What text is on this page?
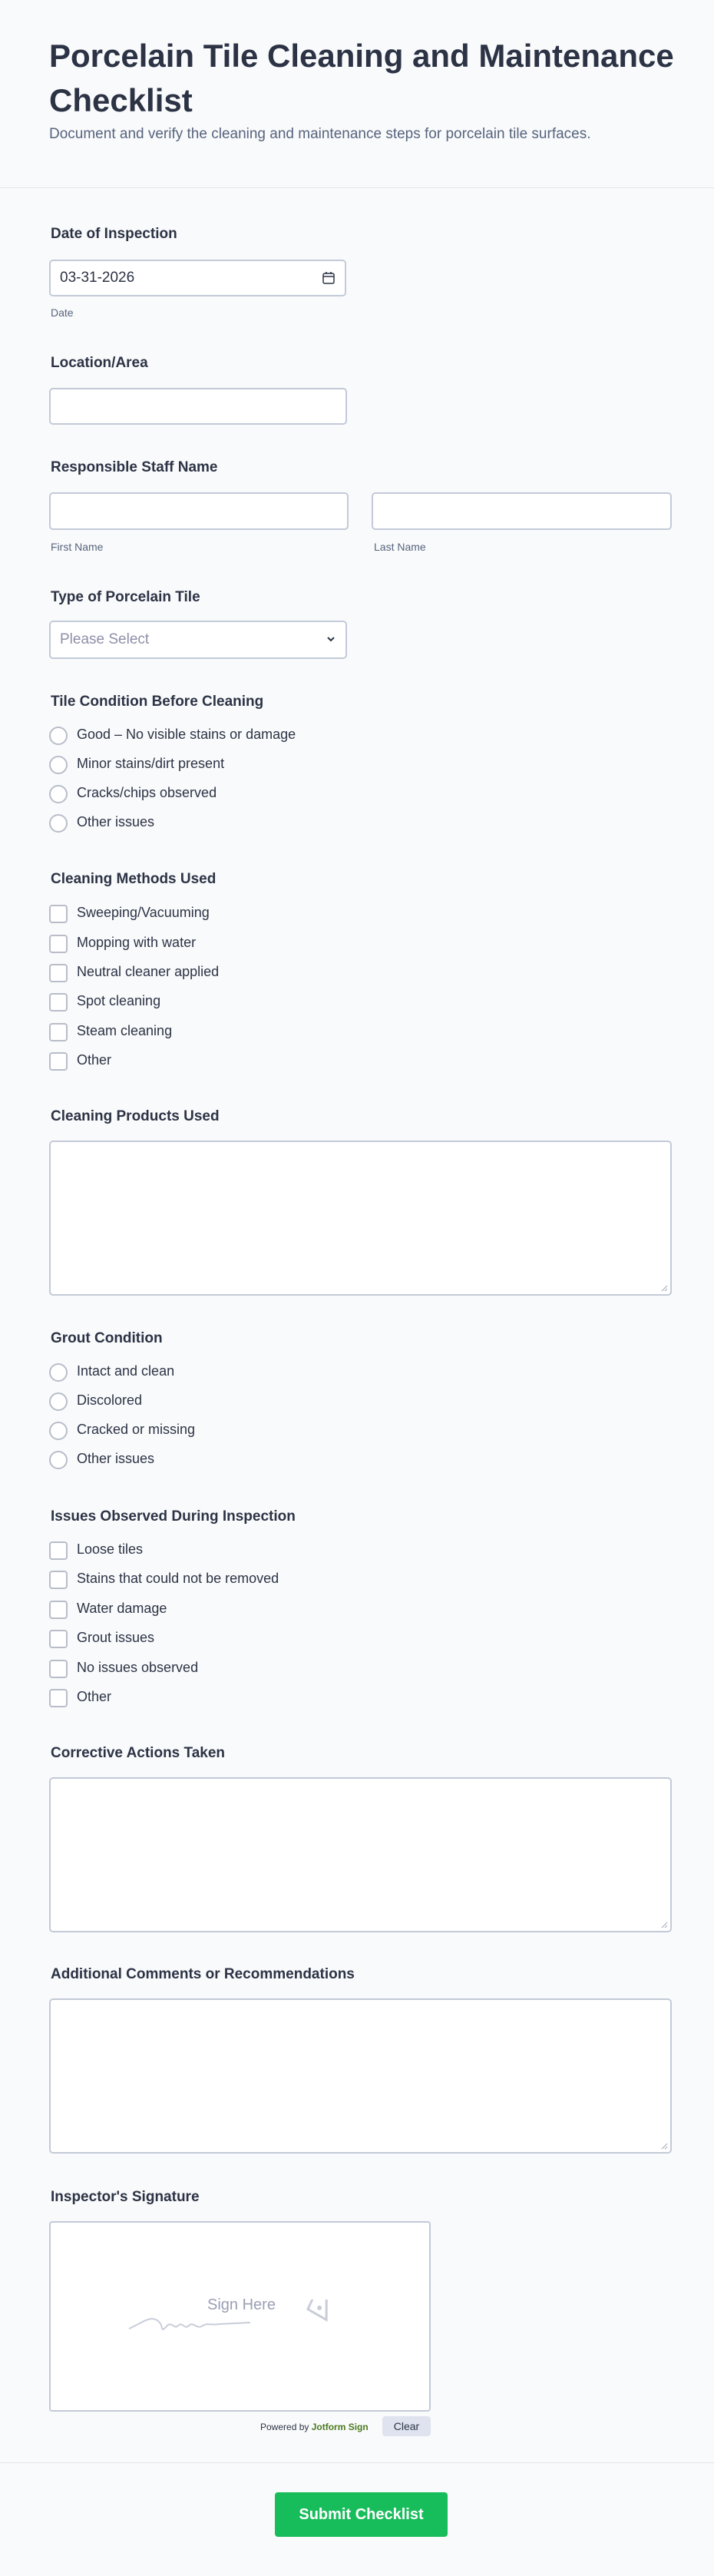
Porcelain Tile Cleaning and Maintenance Checklist
Document and verify the cleaning and maintenance steps for porcelain tile surfaces.
Date of Inspection
03-31-2026
Date
Location/Area
Responsible Staff Name
First Name	Last Name
Type of Porcelain Tile
Please Select
Tile Condition Before Cleaning
Good – No visible stains or damage
Minor stains/dirt present
Cracks/chips observed
Other issues
Cleaning Methods Used
Sweeping/Vacuuming
Mopping with water
Neutral cleaner applied
Spot cleaning
Steam cleaning
Other
Cleaning Products Used
Grout Condition
Intact and clean
Discolored
Cracked or missing
Other issues
Issues Observed During Inspection
Loose tiles
Stains that could not be removed
Water damage
Grout issues
No issues observed
Other
Corrective Actions Taken
Additional Comments or Recommendations
Inspector's Signature
Sign Here
Powered by Jotform Sign	Clear
Submit Checklist
